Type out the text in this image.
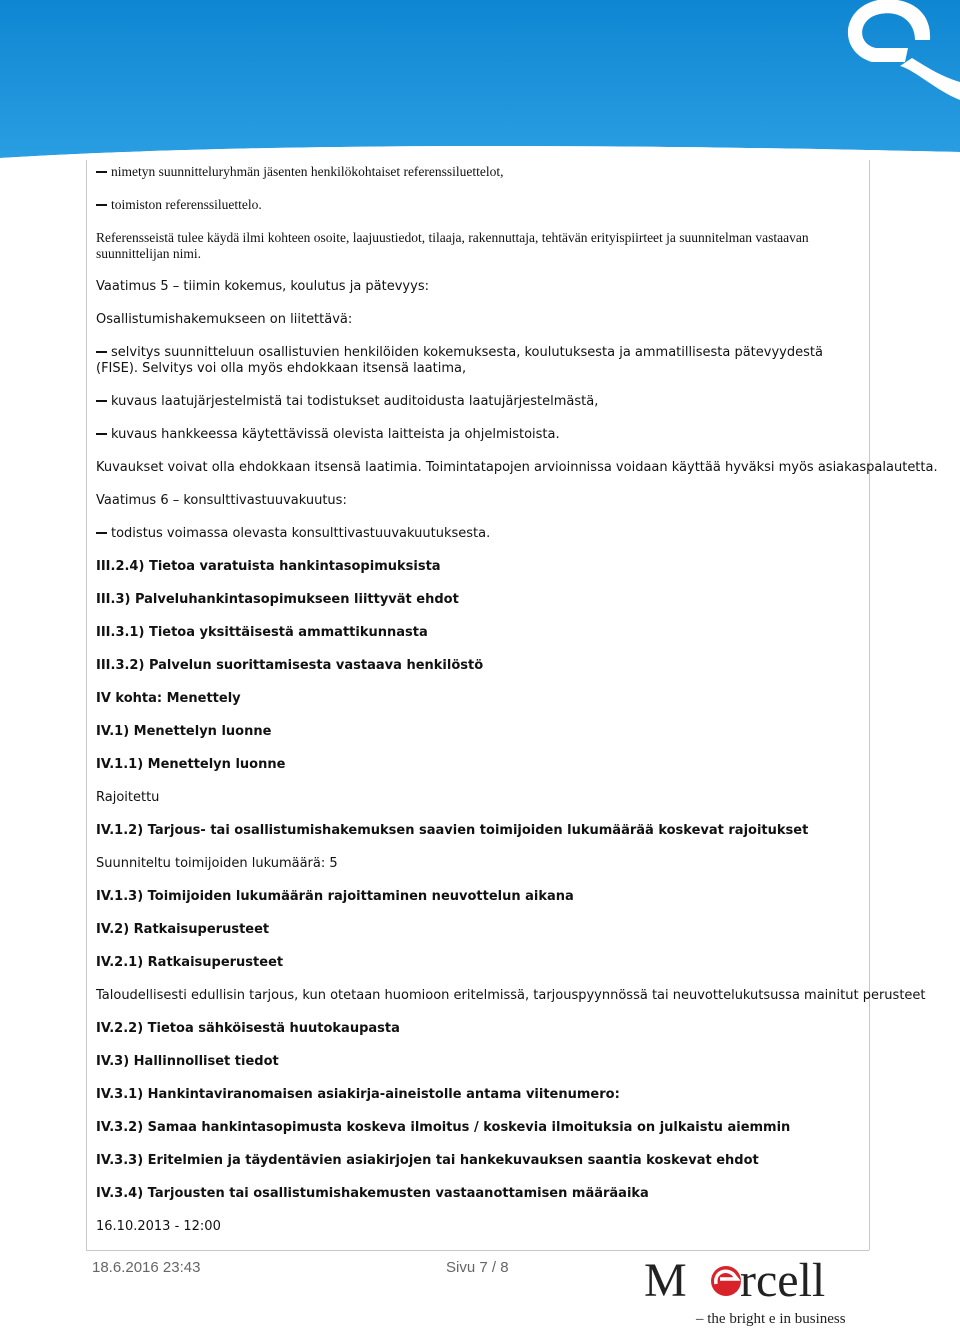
nimetyn suunnitteluryhmän jäsenten henkilökohtaiset referenssiluettelot,
toimiston referenssiluettelo.
Referensseistä tulee käydä ilmi kohteen osoite, laajuustiedot, tilaaja, rakennuttaja, tehtävän erityispiirteet ja suunnitelman vastaavan suunnittelijan nimi.
Vaatimus 5 – tiimin kokemus, koulutus ja pätevyys:
Osallistumishakemukseen on liitettävä:
selvitys suunnitteluun osallistuvien henkilöiden kokemuksesta, koulutuksesta ja ammatillisesta pätevyydestä (FISE). Selvitys voi olla myös ehdokkaan itsensä laatima,
kuvaus laatujärjestelmistä tai todistukset auditoidusta laatujärjestelmästä,
kuvaus hankkeessa käytettävissä olevista laitteista ja ohjelmistoista.
Kuvaukset voivat olla ehdokkaan itsensä laatimia. Toimintatapojen arvioinnissa voidaan käyttää hyväksi myös asiakaspalautetta.
Vaatimus 6 – konsulttivastuuvakuutus:
todistus voimassa olevasta konsulttivastuuvakuutuksesta.
III.2.4) Tietoa varatuista hankintasopimuksista
III.3) Palveluhankintasopimukseen liittyvät ehdot
III.3.1) Tietoa yksittäisestä ammattikunnasta
III.3.2) Palvelun suorittamisesta vastaava henkilöstö
IV kohta: Menettely
IV.1) Menettelyn luonne
IV.1.1) Menettelyn luonne
Rajoitettu
IV.1.2) Tarjous- tai osallistumishakemuksen saavien toimijoiden lukumäärää koskevat rajoitukset
Suunniteltu toimijoiden lukumäärä: 5
IV.1.3) Toimijoiden lukumäärän rajoittaminen neuvottelun aikana
IV.2) Ratkaisuperusteet
IV.2.1) Ratkaisuperusteet
Taloudellisesti edullisin tarjous, kun otetaan huomioon eritelmissä, tarjouspyynnössä tai neuvottelukutsussa mainitut perusteet
IV.2.2) Tietoa sähköisestä huutokaupasta
IV.3) Hallinnolliset tiedot
IV.3.1) Hankintaviranomaisen asiakirja-aineistolle antama viitenumero:
IV.3.2) Samaa hankintasopimusta koskeva ilmoitus / koskevia ilmoituksia on julkaistu aiemmin
IV.3.3) Eritelmien ja täydentävien asiakirjojen tai hankekuvauksen saantia koskevat ehdot
IV.3.4) Tarjousten tai osallistumishakemusten vastaanottamisen määräaika
16.10.2013 - 12:00
18.6.2016 23:43	Sivu 7 / 8	M rcell
– the bright e in business
